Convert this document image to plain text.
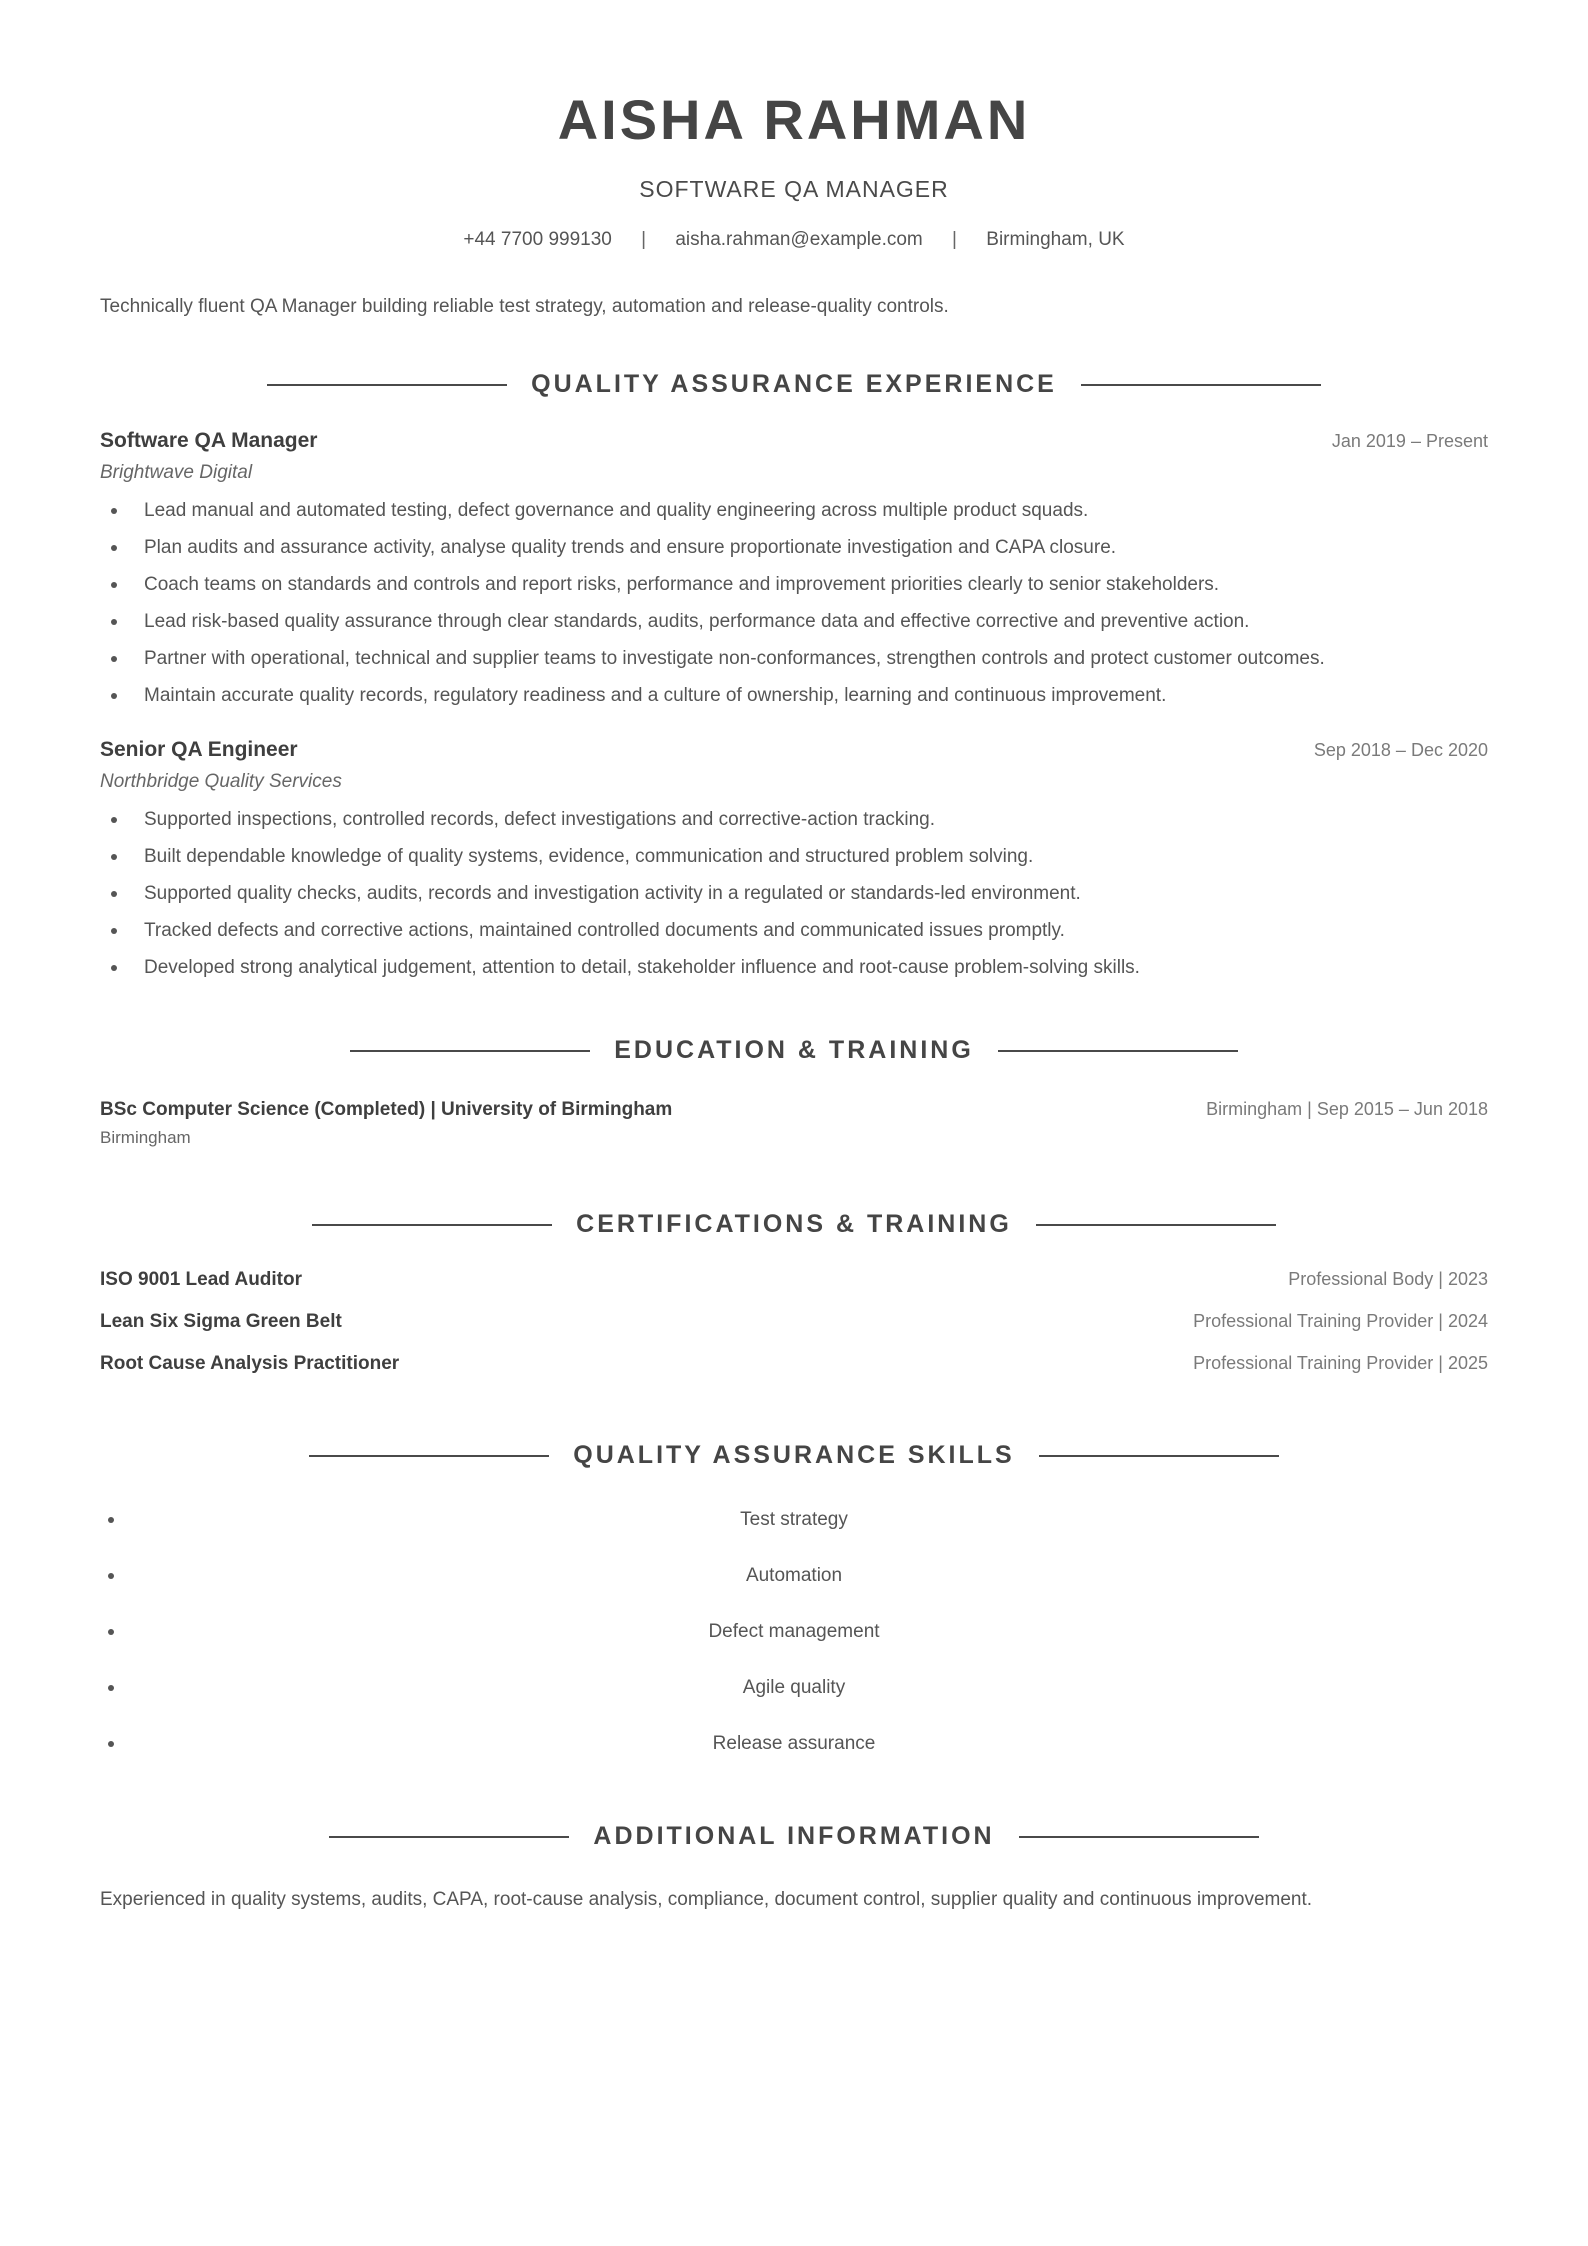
AISHA RAHMAN
SOFTWARE QA MANAGER
+44 7700 999130 | aisha.rahman@example.com | Birmingham, UK
Technically fluent QA Manager building reliable test strategy, automation and release-quality controls.
QUALITY ASSURANCE EXPERIENCE
Software QA Manager	Jan 2019 – Present
Brightwave Digital
Lead manual and automated testing, defect governance and quality engineering across multiple product squads.
Plan audits and assurance activity, analyse quality trends and ensure proportionate investigation and CAPA closure.
Coach teams on standards and controls and report risks, performance and improvement priorities clearly to senior stakeholders.
Lead risk-based quality assurance through clear standards, audits, performance data and effective corrective and preventive action.
Partner with operational, technical and supplier teams to investigate non-conformances, strengthen controls and protect customer outcomes.
Maintain accurate quality records, regulatory readiness and a culture of ownership, learning and continuous improvement.
Senior QA Engineer	Sep 2018 – Dec 2020
Northbridge Quality Services
Supported inspections, controlled records, defect investigations and corrective-action tracking.
Built dependable knowledge of quality systems, evidence, communication and structured problem solving.
Supported quality checks, audits, records and investigation activity in a regulated or standards-led environment.
Tracked defects and corrective actions, maintained controlled documents and communicated issues promptly.
Developed strong analytical judgement, attention to detail, stakeholder influence and root-cause problem-solving skills.
EDUCATION & TRAINING
BSc Computer Science (Completed) | University of Birmingham	Birmingham | Sep 2015 – Jun 2018
Birmingham
CERTIFICATIONS & TRAINING
ISO 9001 Lead Auditor	Professional Body | 2023
Lean Six Sigma Green Belt	Professional Training Provider | 2024
Root Cause Analysis Practitioner	Professional Training Provider | 2025
QUALITY ASSURANCE SKILLS
Test strategy
Automation
Defect management
Agile quality
Release assurance
ADDITIONAL INFORMATION
Experienced in quality systems, audits, CAPA, root-cause analysis, compliance, document control, supplier quality and continuous improvement.
